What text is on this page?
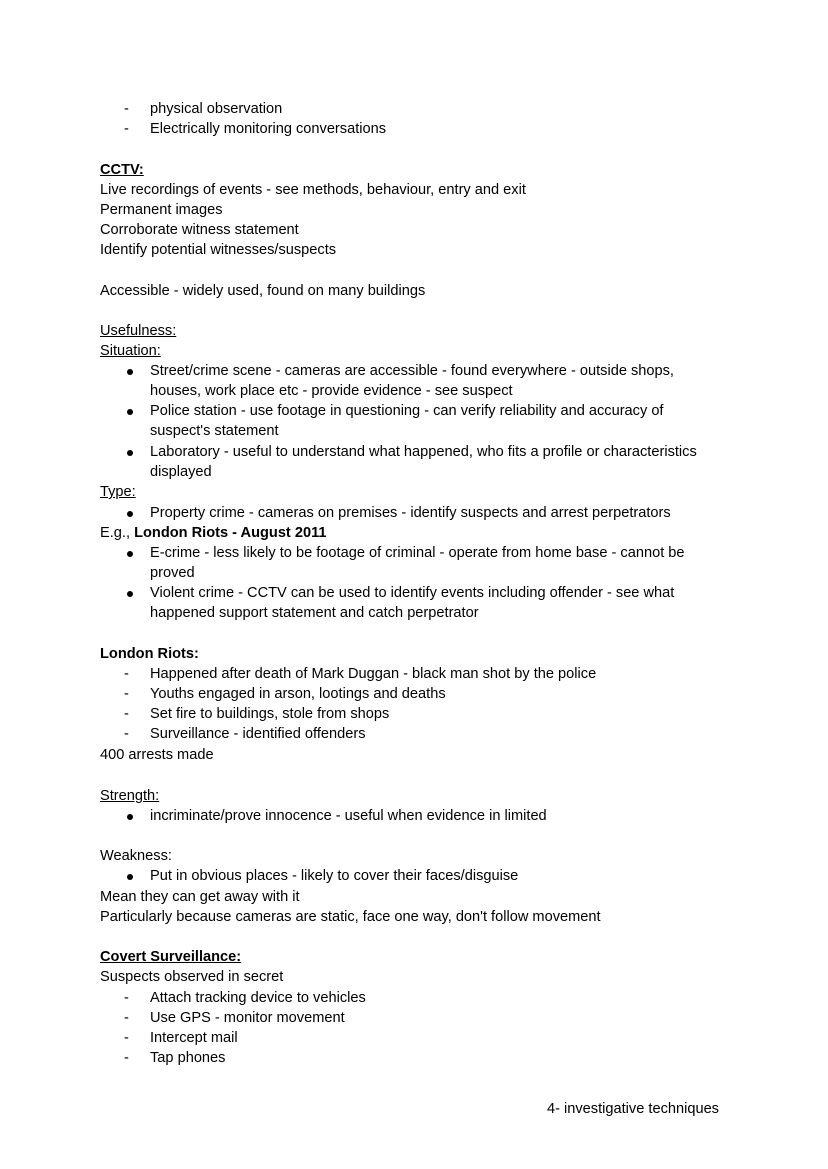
- physical observation
- Electrically monitoring conversations
CCTV:
Live recordings of events - see methods, behaviour, entry and exit
Permanent images
Corroborate witness statement
Identify potential witnesses/suspects
Accessible - widely used, found on many buildings
Usefulness:
Situation:
Street/crime scene - cameras are accessible - found everywhere - outside shops,
houses, work place etc - provide evidence - see suspect
Police station - use footage in questioning - can verify reliability and accuracy of
suspect's statement
Laboratory - useful to understand what happened, who fits a profile or characteristics
displayed
Type:
Property crime - cameras on premises - identify suspects and arrest perpetrators
E.g., London Riots - August 2011
E-crime - less likely to be footage of criminal - operate from home base - cannot be
proved
Violent crime - CCTV can be used to identify events including offender - see what
happened support statement and catch perpetrator
London Riots:
- Happened after death of Mark Duggan - black man shot by the police
- Youths engaged in arson, lootings and deaths
- Set fire to buildings, stole from shops
- Surveillance - identified offenders
400 arrests made
Strength:
incriminate/prove innocence - useful when evidence in limited
Weakness:
Put in obvious places - likely to cover their faces/disguise
Mean they can get away with it
Particularly because cameras are static, face one way, don't follow movement
Covert Surveillance:
Suspects observed in secret
- Attach tracking device to vehicles
- Use GPS - monitor movement
- Intercept mail
- Tap phones
4- investigative techniques
